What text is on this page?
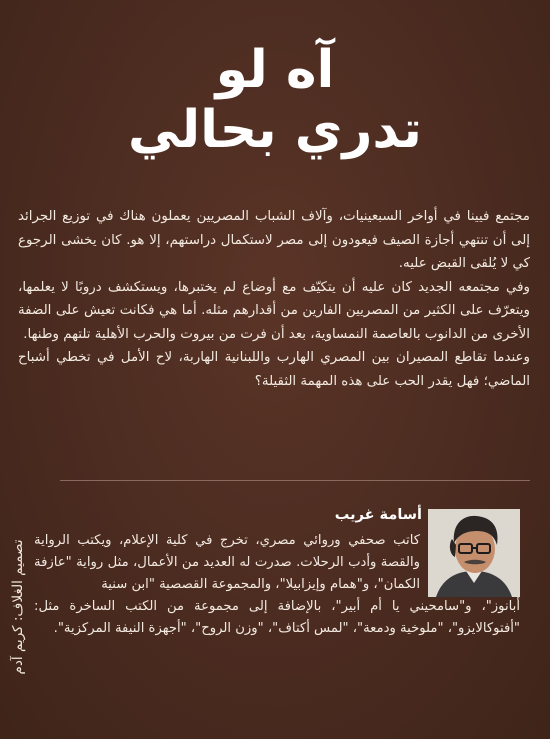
آه لو
تدري بحالي

مجتمع فيينا في أواخر السبعينيات، وآلاف الشباب المصريين يعملون هناك في توزيع الجرائد إلى أن تنتهي أجازة الصيف فيعودون إلى مصر لاستكمال دراستهم، إلا هو. كان يخشى الرجوع كي لا يُلقى القبض عليه.

وفي مجتمعه الجديد كان عليه أن يتكيّف مع أوضاع لم يختبرها، ويستكشف دروبًا لا يعلمها، ويتعرّف على الكثير من المصريين الفارين من أقدارهم مثله. أما هي فكانت تعيش على الضفة الأخرى من الدانوب بالعاصمة النمساوية، بعد أن فرت من بيروت والحرب الأهلية تلتهم وطنها.

وعندما تقاطع المصيران بين المصري الهارب واللبنانية الهاربة، لاح الأمل في تخطي أشباح الماضي؛ فهل يقدر الحب على هذه المهمة الثقيلة؟

أسامة غريب
كاتب صحفي وروائي مصري، تخرج في كلية الإعلام، ويكتب الرواية والقصة وأدب الرحلات. صدرت له العديد من الأعمال، مثل رواية "عازفة الكمان"، و"همام وإيزابيلا"، والمجموعة القصصية "ابن سنية
أبانوز"، و"سامحيني يا أم أبير"، بالإضافة إلى مجموعة من الكتب الساخرة مثل: "أفتوكالايزو"، "ملوخية ودمعة"، "لمس أكتاف"، "وزن الروح"، "أجهزة النيفة المركزية".
تصميم الغلاف: كريم آدم
